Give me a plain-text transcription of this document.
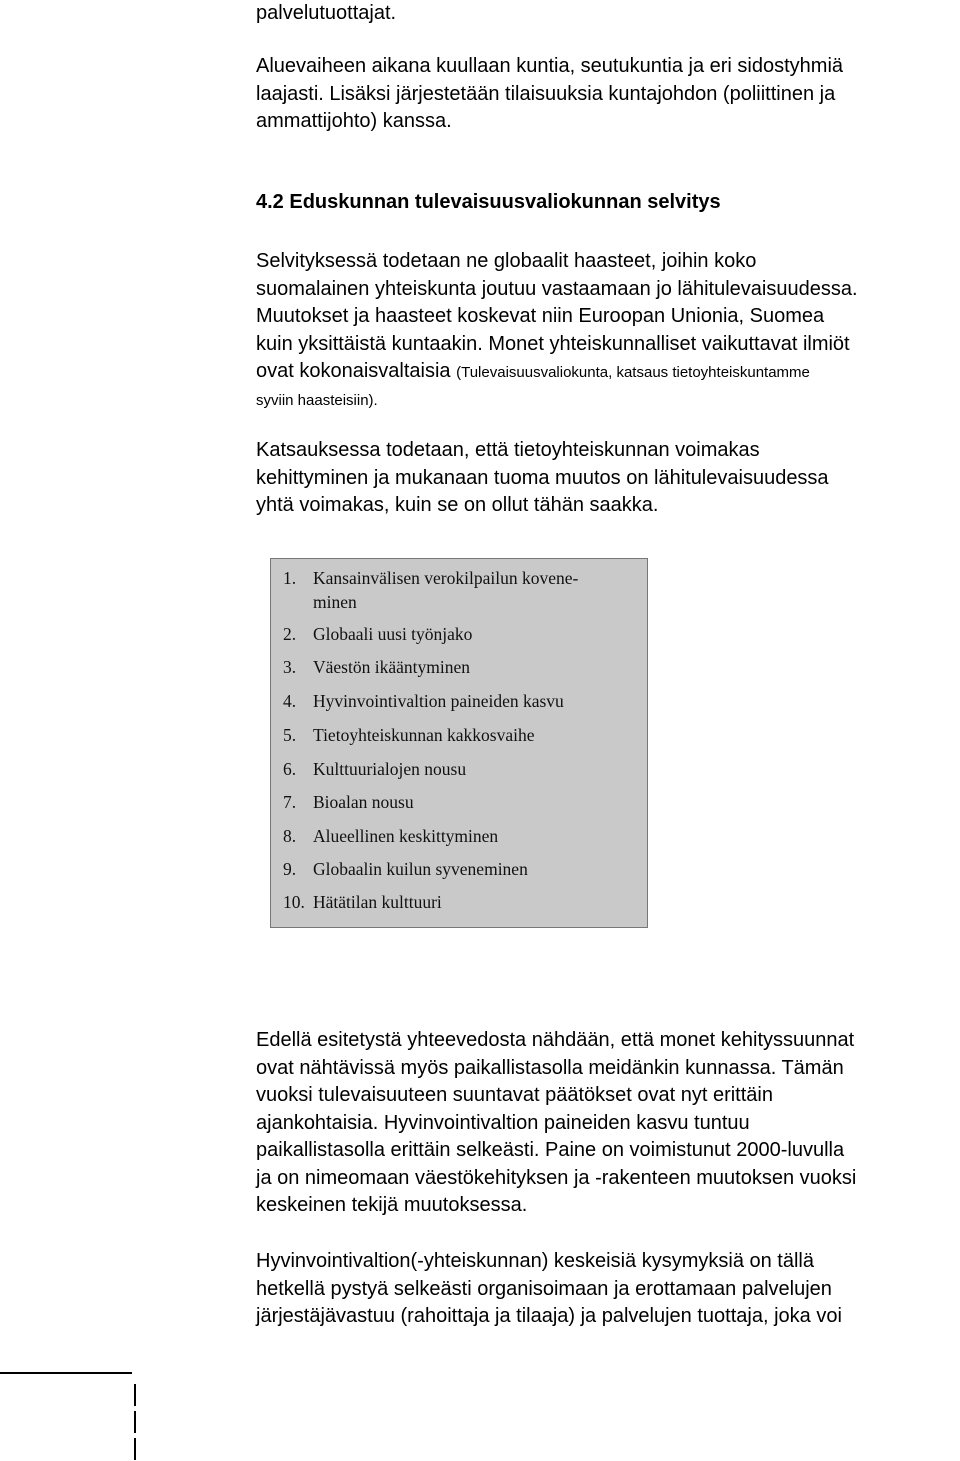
palvelutuottajat.

Aluevaiheen aikana kuullaan kuntia, seutukuntia ja eri sidostyhmiä
laajasti. Lisäksi järjestetään tilaisuuksia kuntajohdon (poliittinen ja
ammattijohto) kanssa.

4.2 Eduskunnan tulevaisuusvaliokunnan selvitys

Selvityksessä todetaan ne globaalit haasteet, joihin koko
suomalainen yhteiskunta joutuu vastaamaan jo lähitulevaisuudessa.
Muutokset ja haasteet koskevat niin Euroopan Unionia, Suomea
kuin yksittäistä kuntaakin. Monet yhteiskunnalliset vaikuttavat ilmiöt
ovat kokonaisvaltaisia (Tulevaisuusvaliokunta, katsaus tietoyhteiskuntamme
syviin haasteisiin).

Katsauksessa todetaan, että tietoyhteiskunnan voimakas
kehittyminen ja mukanaan tuoma muutos on lähitulevaisuudessa
yhtä voimakas, kuin se on ollut tähän saakka.

1. Kansainvälisen verokilpailun kovene-
minen
2. Globaali uusi työnjako
3. Väestön ikääntyminen
4. Hyvinvointivaltion paineiden kasvu
5. Tietoyhteiskunnan kakkosvaihe
6. Kulttuurialojen nousu
7. Bioalan nousu
8. Alueellinen keskittyminen
9. Globaalin kuilun syveneminen
10. Hätätilan kulttuuri

Edellä esitetystä yhteevedosta nähdään, että monet kehityssuunnat
ovat nähtävissä myös paikallistasolla meidänkin kunnassa. Tämän
vuoksi tulevaisuuteen suuntavat päätökset ovat nyt erittäin
ajankohtaisia. Hyvinvointivaltion paineiden kasvu tuntuu
paikallistasolla erittäin selkeästi. Paine on voimistunut 2000-luvulla
ja on nimeomaan väestökehityksen ja -rakenteen muutoksen vuoksi
keskeinen tekijä muutoksessa.

Hyvinvointivaltion(-yhteiskunnan) keskeisiä kysymyksiä on tällä
hetkellä pystyä selkeästi organisoimaan ja erottamaan palvelujen
järjestäjävastuu (rahoittaja ja tilaaja) ja palvelujen tuottaja, joka voi
